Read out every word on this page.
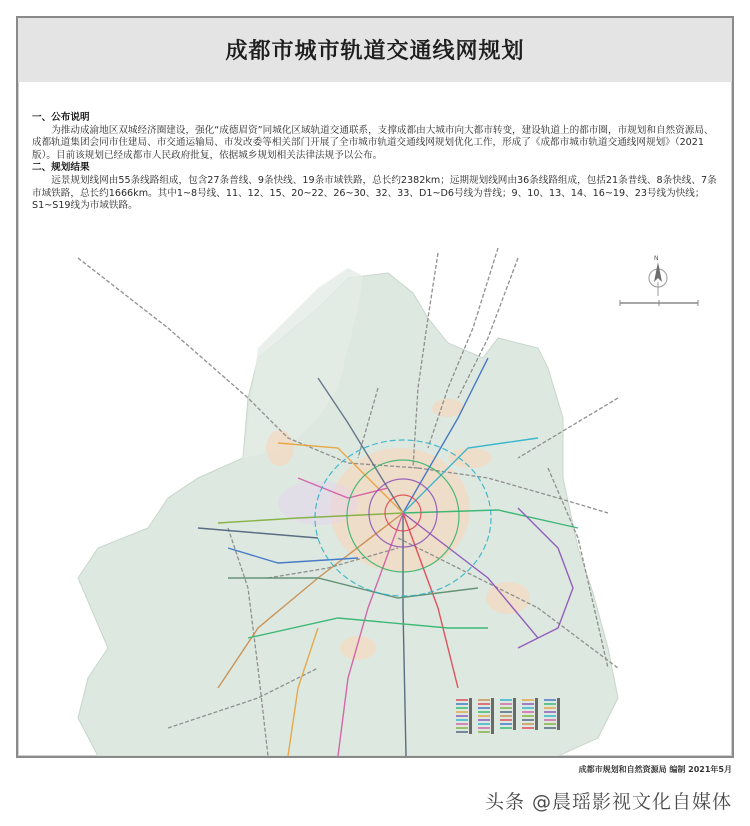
成都市城市轨道交通线网规划
一、公布说明
为推动成渝地区双城经济圈建设，强化“成德眉资”同城化区域轨道交通联系，支撑成都由大城市向大都市转变，建设轨道上的都市圈，市规划和自然资源局、成都轨道集团会同市住建局、市交通运输局、市发改委等相关部门开展了全市城市轨道交通线网规划优化工作，形成了《成都市城市轨道交通线网规划》（2021版）。目前该规划已经成都市人民政府批复，依据城乡规划相关法律法规予以公布。
二、规划结果
远景规划线网由55条线路组成，包含27条普线、9条快线、19条市域铁路，总长约2382km；远期规划线网由36条线路组成，包括21条普线、8条快线、7条市域铁路，总长约1666km。其中1~8号线、11、12、15、20~22、26~30、32、33、D1~D6号线为普线；9、10、13、14、16~19、23号线为快线；S1~S19线为市域铁路。
N
成都市规划和自然资源局 编制 2021年5月
头条 @晨瑶影视文化自媒体
